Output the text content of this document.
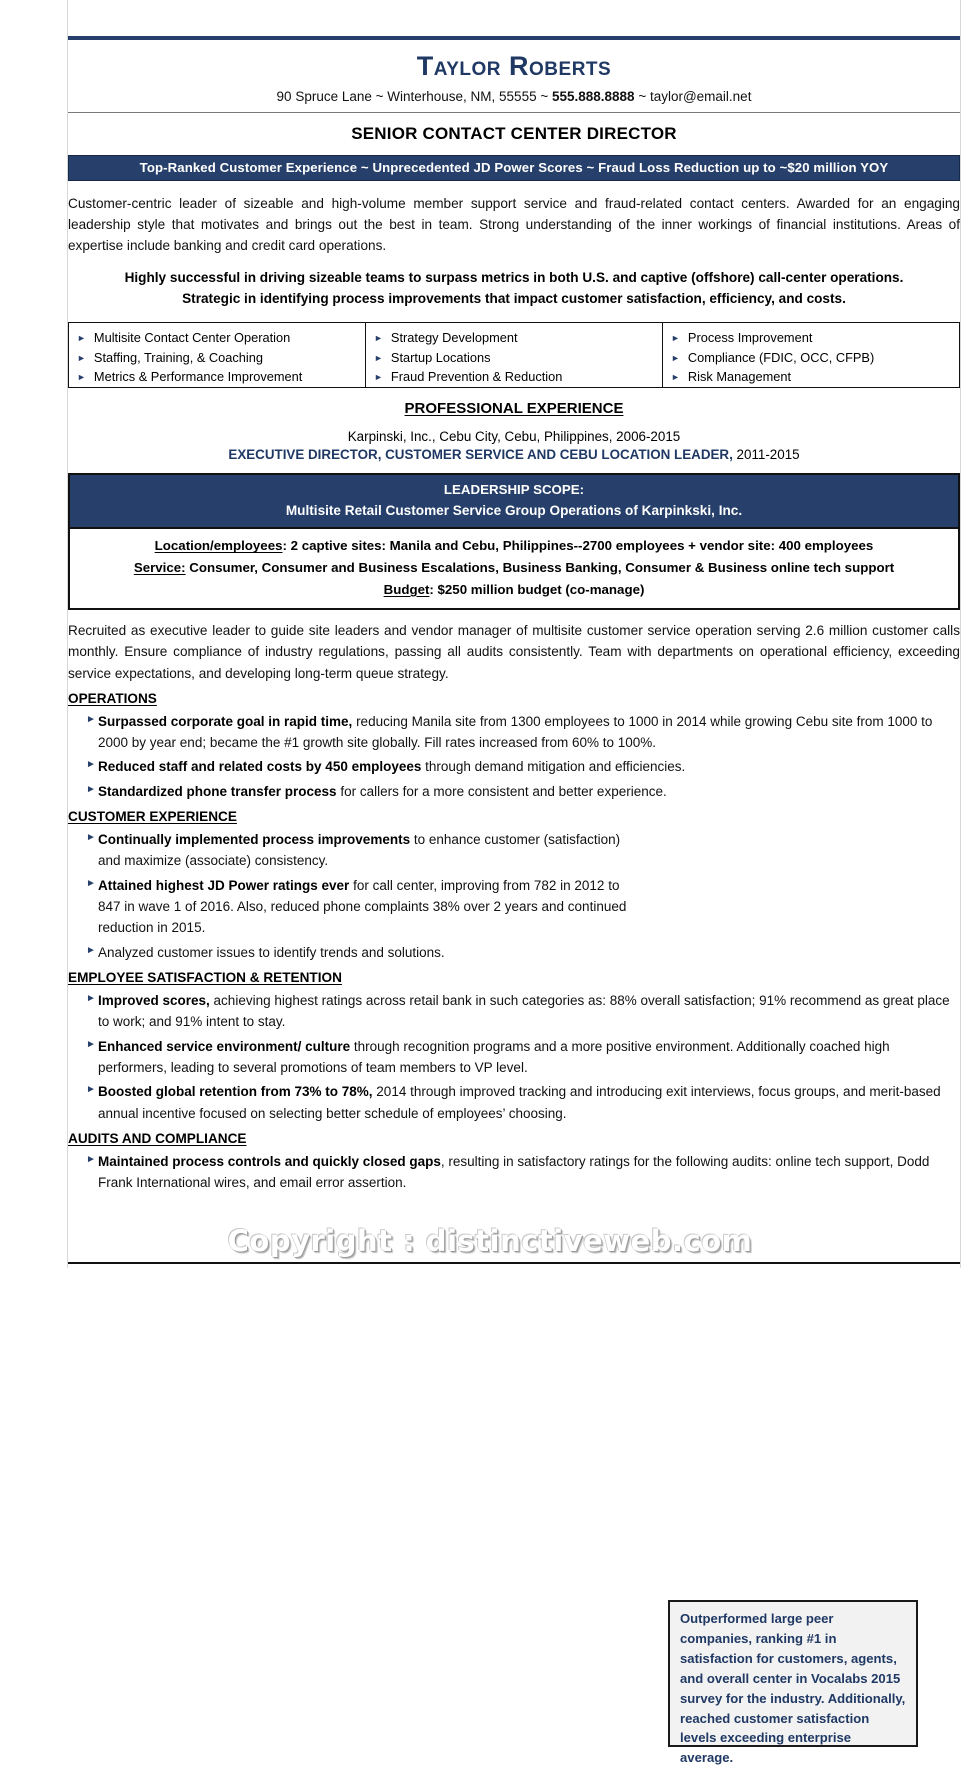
Taylor Roberts
90 Spruce Lane ~ Winterhouse, NM, 55555 ~ 555.888.8888 ~ taylor@email.net
SENIOR CONTACT CENTER DIRECTOR
Top-Ranked Customer Experience ~ Unprecedented JD Power Scores ~ Fraud Loss Reduction up to ~$20 million YOY
Customer-centric leader of sizeable and high-volume member support service and fraud-related contact centers. Awarded for an engaging leadership style that motivates and brings out the best in team. Strong understanding of the inner workings of financial institutions. Areas of expertise include banking and credit card operations.
Highly successful in driving sizeable teams to surpass metrics in both U.S. and captive (offshore) call-center operations.
Strategic in identifying process improvements that impact customer satisfaction, efficiency, and costs.
► Multisite Contact Center Operation
► Staffing, Training, & Coaching
► Metrics & Performance Improvement
► Strategy Development
► Startup Locations
► Fraud Prevention & Reduction
► Process Improvement
► Compliance (FDIC, OCC, CFPB)
► Risk Management
PROFESSIONAL EXPERIENCE
Karpinski, Inc., Cebu City, Cebu, Philippines, 2006-2015
EXECUTIVE DIRECTOR, CUSTOMER SERVICE AND CEBU LOCATION LEADER, 2011-2015
LEADERSHIP SCOPE:
Multisite Retail Customer Service Group Operations of Karpinkski, Inc.
Location/employees: 2 captive sites: Manila and Cebu, Philippines--2700 employees + vendor site: 400 employees
Service: Consumer, Consumer and Business Escalations, Business Banking, Consumer & Business online tech support
Budget: $250 million budget (co-manage)
Recruited as executive leader to guide site leaders and vendor manager of multisite customer service operation serving 2.6 million customer calls monthly. Ensure compliance of industry regulations, passing all audits consistently. Team with departments on operational efficiency, exceeding service expectations, and developing long-term queue strategy.
OPERATIONS
► Surpassed corporate goal in rapid time, reducing Manila site from 1300 employees to 1000 in 2014 while growing Cebu site from 1000 to 2000 by year end; became the #1 growth site globally. Fill rates increased from 60% to 100%.
► Reduced staff and related costs by 450 employees through demand mitigation and efficiencies.
► Standardized phone transfer process for callers for a more consistent and better experience.
CUSTOMER EXPERIENCE
► Continually implemented process improvements to enhance customer (satisfaction) and maximize (associate) consistency.
► Attained highest JD Power ratings ever for call center, improving from 782 in 2012 to 847 in wave 1 of 2016. Also, reduced phone complaints 38% over 2 years and continued reduction in 2015.
► Analyzed customer issues to identify trends and solutions.
Outperformed large peer companies, ranking #1 in satisfaction for customers, agents, and overall center in Vocalabs 2015 survey for the industry. Additionally, reached customer satisfaction levels exceeding enterprise average.
EMPLOYEE SATISFACTION & RETENTION
► Improved scores, achieving highest ratings across retail bank in such categories as: 88% overall satisfaction; 91% recommend as great place to work; and 91% intent to stay.
► Enhanced service environment/ culture through recognition programs and a more positive environment. Additionally coached high performers, leading to several promotions of team members to VP level.
► Boosted global retention from 73% to 78%, 2014 through improved tracking and introducing exit interviews, focus groups, and merit-based annual incentive focused on selecting better schedule of employees’ choosing.
AUDITS AND COMPLIANCE
► Maintained process controls and quickly closed gaps, resulting in satisfactory ratings for the following audits: online tech support, Dodd Frank International wires, and email error assertion.
Copyright : distinctiveweb.com
